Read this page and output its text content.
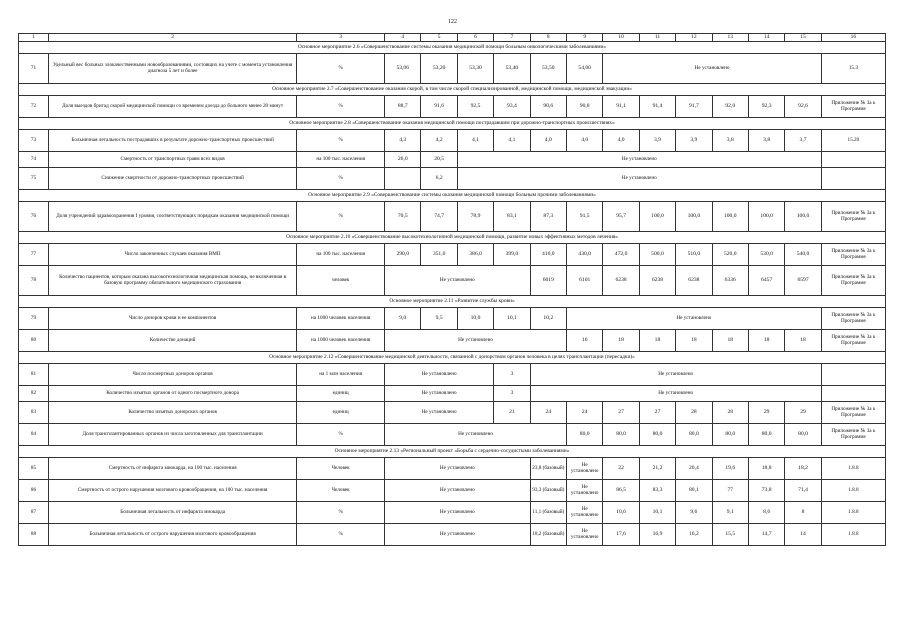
122
1	2	3	4	5	6	7	8	9	10	11	12	13	14	15	16
Основное мероприятие 2.6 «Совершенствование системы оказания медицинской помощи больным онкологическими заболеваниями»															
71	Удельный вес больных злокачественными новообразованиями, состоящих на учете с момента установления диагноза 5 лет и более	%	53,06	53,20	53,30	53,40	53,50	54,00	Не установлено						15.3
Основное мероприятие 2.7 «Совершенствование оказания скорой, в том числе скорой специализированной, медицинской помощи, медицинской эвакуации»															
72	Доля выездов бригад скорой медицинской помощи со временем доезда до больного менее 20 минут	%	88,7	91,6	92,5	93,4	90,6	90,8	91,1	91,4	91,7	92,0	92,3	92,6	Приложение № 3а к Программе
Основное мероприятие 2.8 «Совершенствование оказания медицинской помощи пострадавшим при дорожно-транспортных происшествиях»															
73	Больничная летальность пострадавших в результате дорожно-транспортных происшествий	%	4,3	4,2	4,1	4,1	4,0	4,0	4,0	3,9	3,9	3,8	3,8	3,7	15.20
74	Смертность от транспортных травм всех видов	на 100 тыс. населения	26,0	20,5	Не установлено										
75	Снижение смертности от дорожно-транспортных происшествий	%		6,2	Не установлено										
Основное мероприятие 2.9 «Совершенствование системы оказания медицинской помощи больным прочими заболеваниями»															
76	Доля учреждений здравоохранения I уровня, соответствующих порядкам оказания медицинской помощи	%	70,5	74,7	78,9	83,1	87,3	91,5	95,7	100,0	100,0	100,0	100,0	100,0	Приложение № 3а к Программе
Основное мероприятие 2.10 «Совершенствование высокотехнологичной медицинской помощи, развитие новых эффективных методов лечения»															
77	Число законченных случаев оказания ВМП	на 100 тыс. населения	290,0	351,0	386,0	399,0	416,0	430,0	472,0	500,0	510,0	520,0	530,0	540,0	Приложение № 3а к Программе
78	Количество пациентов, которым оказана высокотехнологичная медицинская помощь, не включенная в базовую программу обязательного медицинского страхования	человек	Не установлено				6019	6101	6238	6238	6238	6336	6457	6597	Приложение № 3а к Программе
Основное мероприятие 2.11 «Развитие службы крови»															
79	Число доноров крови и ее компонентов	на 1000 человек населения	9,0	9,5	10,0	10,1	10,2	Не установлено							Приложение № 3а к Программе
80	Количество донаций	на 1000 человек населения	Не установлено					16	18	18	18	18	18	18	Приложение № 3а к Программе
Основное мероприятие 2.12 «Совершенствование медицинской деятельности, связанной с донорством органов человека в целях трансплантации (пересадки)»															
81	Число посмертных доноров органов	на 1 млн населения	Не установлено			3	Не установлено								
82	Количество изъятых органов от одного посмертного донора	единиц	Не установлено			3	Не установлено								
83	Количество изъятых донорских органов	единиц	Не установлено			21	24	24	27	27	28	28	29	29	Приложение № 3а к Программе
84	Доля трансплантированных органов из числа заготовленных для трансплантации	%	Не установлено					80,0	80,0	80,0	80,0	80,0	80,0	80,0	Приложение № 3а к Программе
Основное мероприятие 2.13 «Региональный проект «Борьба с сердечно-сосудистыми заболеваниями»															
85	Смертность от инфаркта миокарда, на 100 тыс. населения	Человек	Не установлено				23,8 (базовый)	Не установлено	22	21,2	20,4	19,6	18,8	18,2	1.8.8
86	Смертность от острого нарушения мозгового кровообращения, на 100 тыс. населения	Человек	Не установлено				93,3 (базовый)	Не установлено	86,5	83,3	80,1	77	73,8	71,4	1.8.8
87	Больничная летальность от инфаркта миокарда	%	Не установлено				11,1 (базовый)	Не установлено	10,6	10,1	9,6	9,1	8,6	8	1.8.8
88	Больничная летальность от острого нарушения мозгового кровообращения	%	Не установлено				18,2 (базовый)	Не установлено	17,6	16,9	16,2	15,5	14,7	14	1.8.8
